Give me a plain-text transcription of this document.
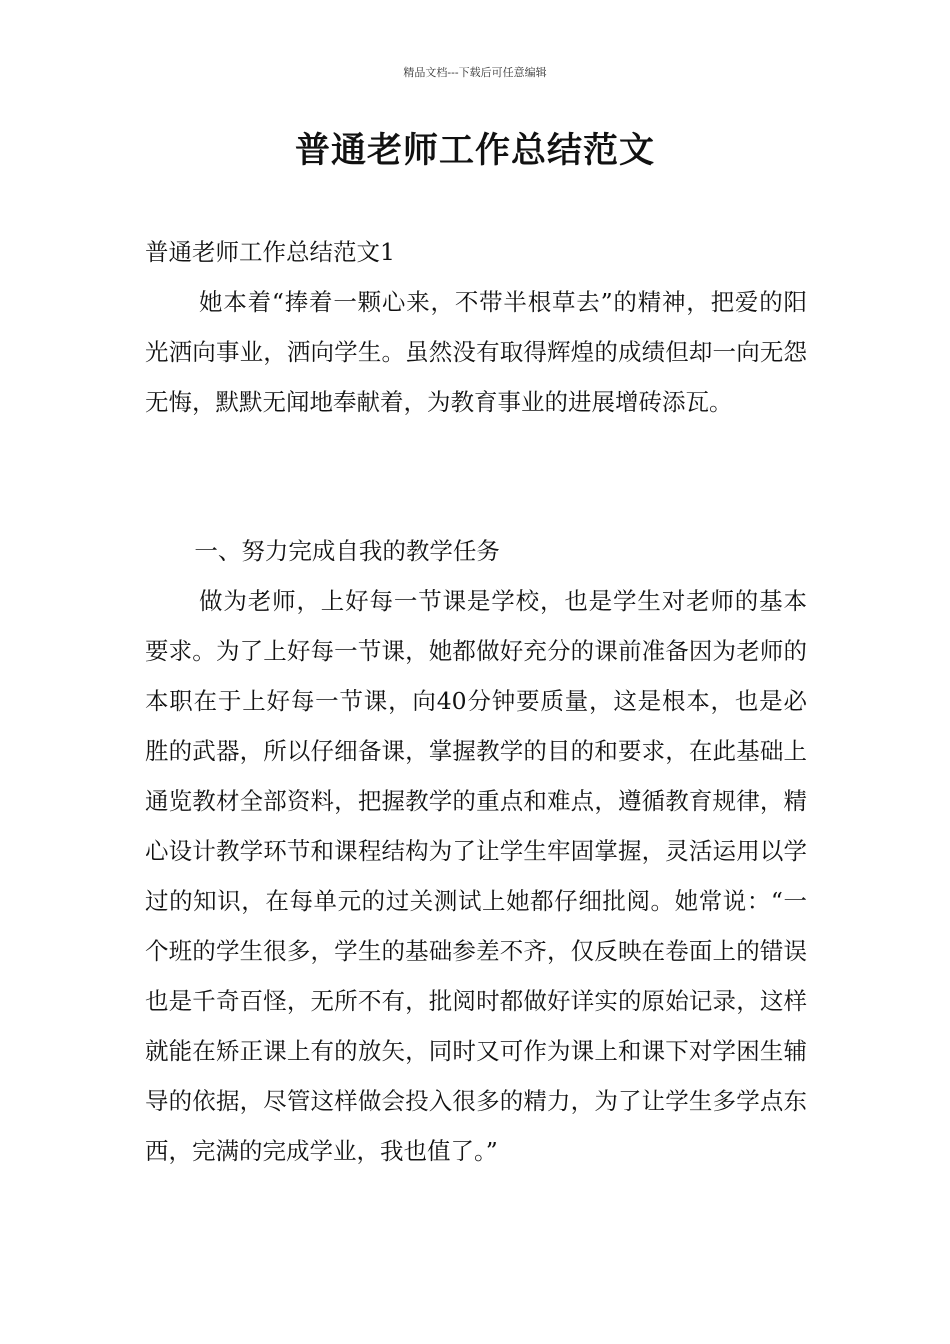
精品文档---下载后可任意编辑
普通老师工作总结范文

普通老师工作总结范文1

她本着“捧着一颗心来，不带半根草去”的精神，把爱的阳光洒向事业，洒向学生。虽然没有取得辉煌的成绩但却一向无怨无悔，默默无闻地奉献着，为教育事业的进展增砖添瓦。

一、努力完成自我的教学任务

做为老师，上好每一节课是学校，也是学生对老师的基本要求。为了上好每一节课，她都做好充分的课前准备因为老师的本职在于上好每一节课，向40分钟要质量，这是根本，也是必胜的武器，所以仔细备课，掌握教学的目的和要求，在此基础上通览教材全部资料，把握教学的重点和难点，遵循教育规律，精心设计教学环节和课程结构为了让学生牢固掌握，灵活运用以学过的知识，在每单元的过关测试上她都仔细批阅。她常说：“一个班的学生很多，学生的基础参差不齐，仅反映在卷面上的错误也是千奇百怪，无所不有，批阅时都做好详实的原始记录，这样就能在矫正课上有的放矢，同时又可作为课上和课下对学困生辅导的依据，尽管这样做会投入很多的精力，为了让学生多学点东西，完满的完成学业，我也值了。”
